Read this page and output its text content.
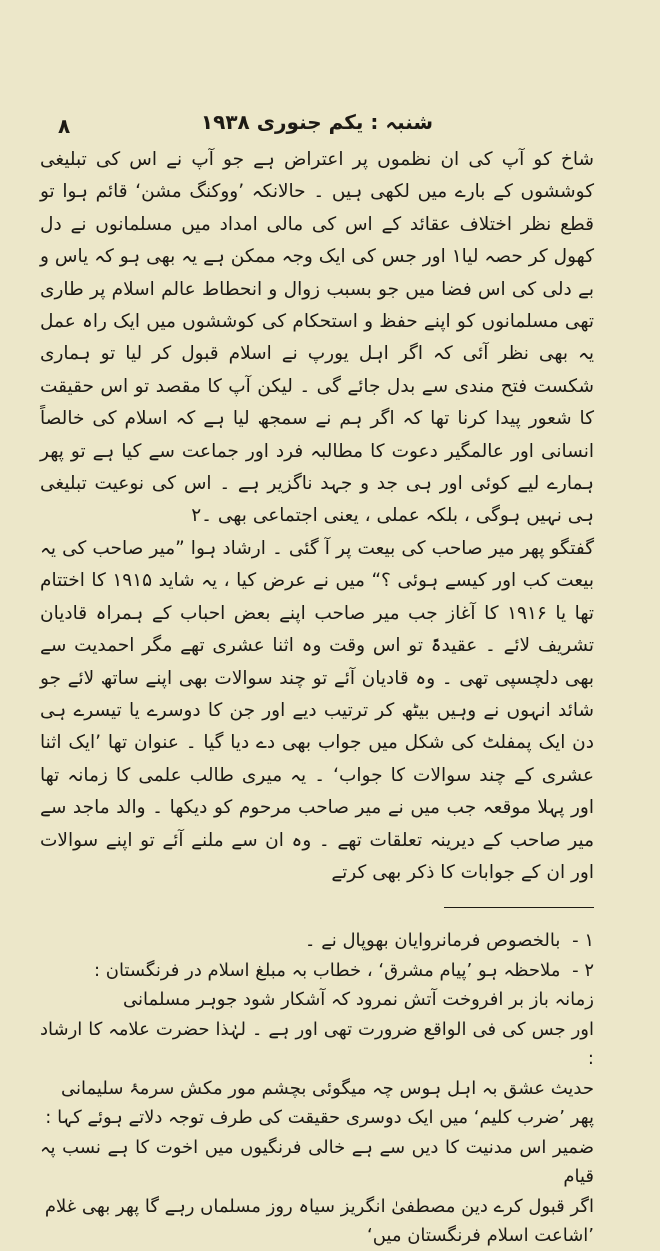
۸	شنبہ : یکم جنوری ۱۹۳۸

شاخ کو آپ کی ان نظموں پر اعتراض ہے جو آپ نے اس کی تبلیغی کوششوں کے بارے میں لکھی ہیں ۔ حالانکہ ’ووکنگ مشن‘ قائم ہوا تو قطع نظر اختلاف عقائد کے اس کی مالی امداد میں مسلمانوں نے دل کھول کر حصہ لیا۱ اور جس کی ایک وجہ ممکن ہے یہ بھی ہو کہ یاس و بے دلی کی اس فضا میں جو بسبب زوال و انحطاط عالم اسلام پر طاری تھی مسلمانوں کو اپنے حفظ و استحکام کی کوششوں میں ایک راہ عمل یہ بھی نظر آئی کہ اگر اہل یورپ نے اسلام قبول کر لیا تو ہماری شکست فتح مندی سے بدل جائے گی ۔ لیکن آپ کا مقصد تو اس حقیقت کا شعور پیدا کرنا تھا کہ اگر ہم نے سمجھ لیا ہے کہ اسلام کی خالصاً انسانی اور عالمگیر دعوت کا مطالبہ فرد اور جماعت سے کیا ہے تو پھر ہمارے لیے کوئی اور ہی جد و جہد ناگزیر ہے ۔ اس کی نوعیت تبلیغی ہی نہیں ہوگی ، بلکہ عملی ، یعنی اجتماعی بھی ۔۲

گفتگو پھر میر صاحب کی بیعت پر آ گئی ۔ ارشاد ہوا ”میر صاحب کی یہ بیعت کب اور کیسے ہوئی ؟“ میں نے عرض کیا ، یہ شاید ۱۹۱۵ کا اختتام تھا یا ۱۹۱۶ کا آغاز جب میر صاحب اپنے بعض احباب کے ہمراہ قادیان تشریف لائے ۔ عقیدۃً تو اس وقت وہ اثنا عشری تھے مگر احمدیت سے بھی دلچسپی تھی ۔ وہ قادیان آئے تو چند سوالات بھی اپنے ساتھ لائے جو شائد انہوں نے وہیں بیٹھ کر ترتیب دیے اور جن کا دوسرے یا تیسرے ہی دن ایک پمفلٹ کی شکل میں جواب بھی دے دیا گیا ۔ عنوان تھا ’ایک اثنا عشری کے چند سوالات کا جواب‘ ۔ یہ میری طالب علمی کا زمانہ تھا اور پہلا موقعہ جب میں نے میر صاحب مرحوم کو دیکھا ۔ والد ماجد سے میر صاحب کے دیرینہ تعلقات تھے ۔ وہ ان سے ملنے آئے تو اپنے سوالات اور ان کے جوابات کا ذکر بھی کرتے

۱ - بالخصوص فرمانروایان بھوپال نے ۔

۲ - ملاحظہ ہو ’پیام مشرق‘ ، خطاب بہ مبلغ اسلام در فرنگستان :

زمانہ باز بر افروخت آتش نمرود کہ آشکار شود جوہر مسلمانی

اور جس کی فی الواقع ضرورت تھی اور ہے ۔ لہٰذا حضرت علامہ کا ارشاد :

حدیث عشق بہ اہل ہوس چہ میگوئی بچشم مور مکش سرمۂ سلیمانی

پھر ’ضرب کلیم‘ میں ایک دوسری حقیقت کی طرف توجہ دلاتے ہوئے کہا :

ضمیر اس مدنیت کا دیں سے ہے خالی فرنگیوں میں اخوت کا ہے نسب پہ قیام

اگر قبول کرے دین مصطفیٰ انگریز سیاہ روز مسلماں رہے گا پھر بھی غلام

’اشاعت اسلام فرنگستان میں‘
